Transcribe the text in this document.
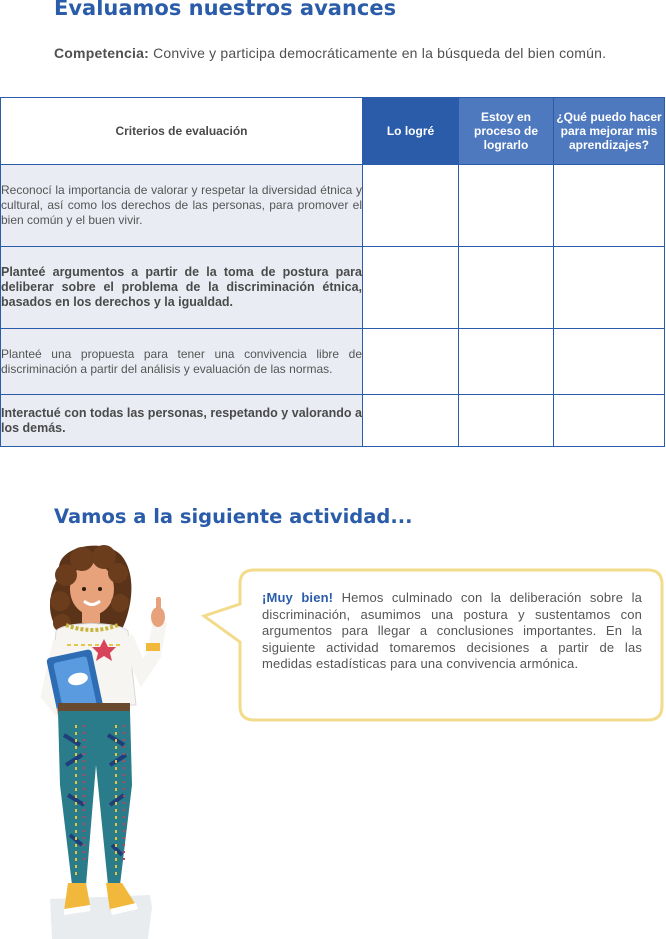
Evaluamos nuestros avances
Competencia: Convive y participa democráticamente en la búsqueda del bien común.
Criterios de evaluación	Lo logré	Estoy en proceso de lograrlo	¿Qué puedo hacer para mejorar mis aprendizajes?
Reconocí la importancia de valorar y respetar la diversidad étnica y cultural, así como los derechos de las personas, para promover el bien común y el buen vivir.			
Planteé argumentos a partir de la toma de postura para deliberar sobre el problema de la discriminación étnica, basados en los derechos y la igualdad.			
Planteé una propuesta para tener una convivencia libre de discriminación a partir del análisis y evaluación de las normas.			
Interactué con todas las personas, respetando y valorando a los demás.			
Vamos a la siguiente actividad...
¡Muy bien! Hemos culminado con la deliberación sobre la discriminación, asumimos una postura y sustentamos con argumentos para llegar a conclusiones importantes. En la siguiente actividad tomaremos decisiones a partir de las medidas estadísticas para una convivencia armónica.
